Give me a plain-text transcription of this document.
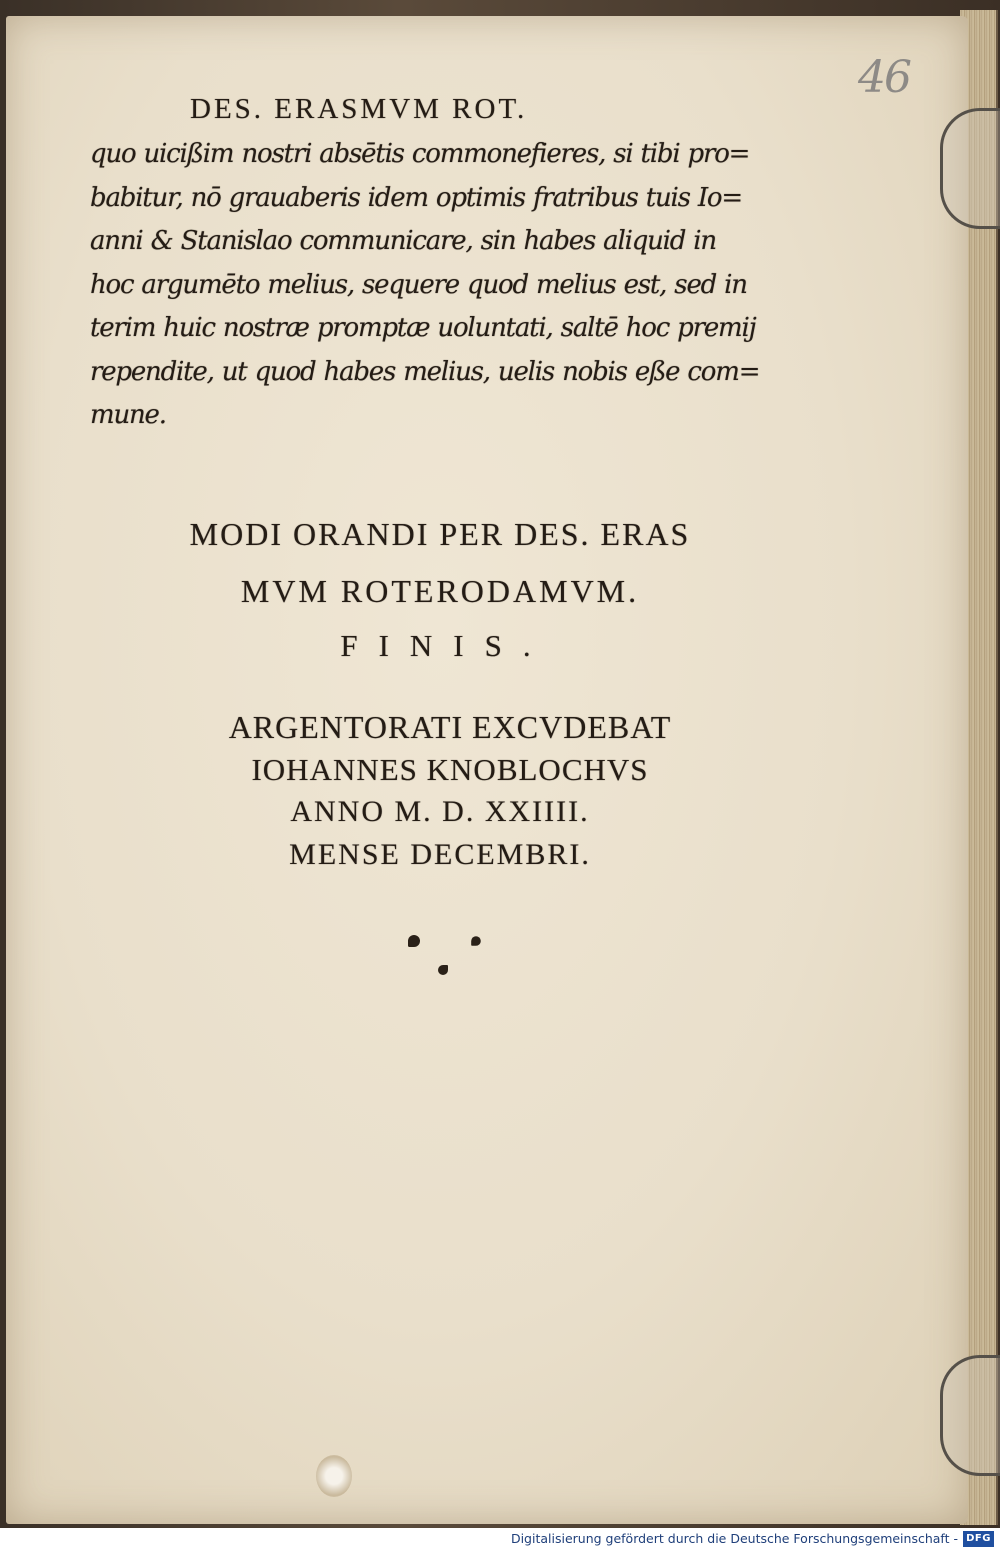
46
DES. ERASMVM ROT.
quo uicißim nostri absētis commonefieres, si tibi pro=
babitur, nō grauaberis idem optimis fratribus tuis Io=
anni & Stanislao communicare, sin habes aliquid in
hoc argumēto melius, sequere quod melius est, sed in
terim huic nostræ promptæ uoluntati, saltē hoc premij
rependite, ut quod habes melius, uelis nobis eße com=
mune.
MODI ORANDI PER DES. ERAS
MVM ROTERODAMVM.
FINIS.
ARGENTORATI EXCVDEBAT
IOHANNES KNOBLOCHVS
ANNO M. D. XXIIII.
MENSE DECEMBRI.
Digitalisierung gefördert durch die Deutsche Forschungsgemeinschaft - DFG
